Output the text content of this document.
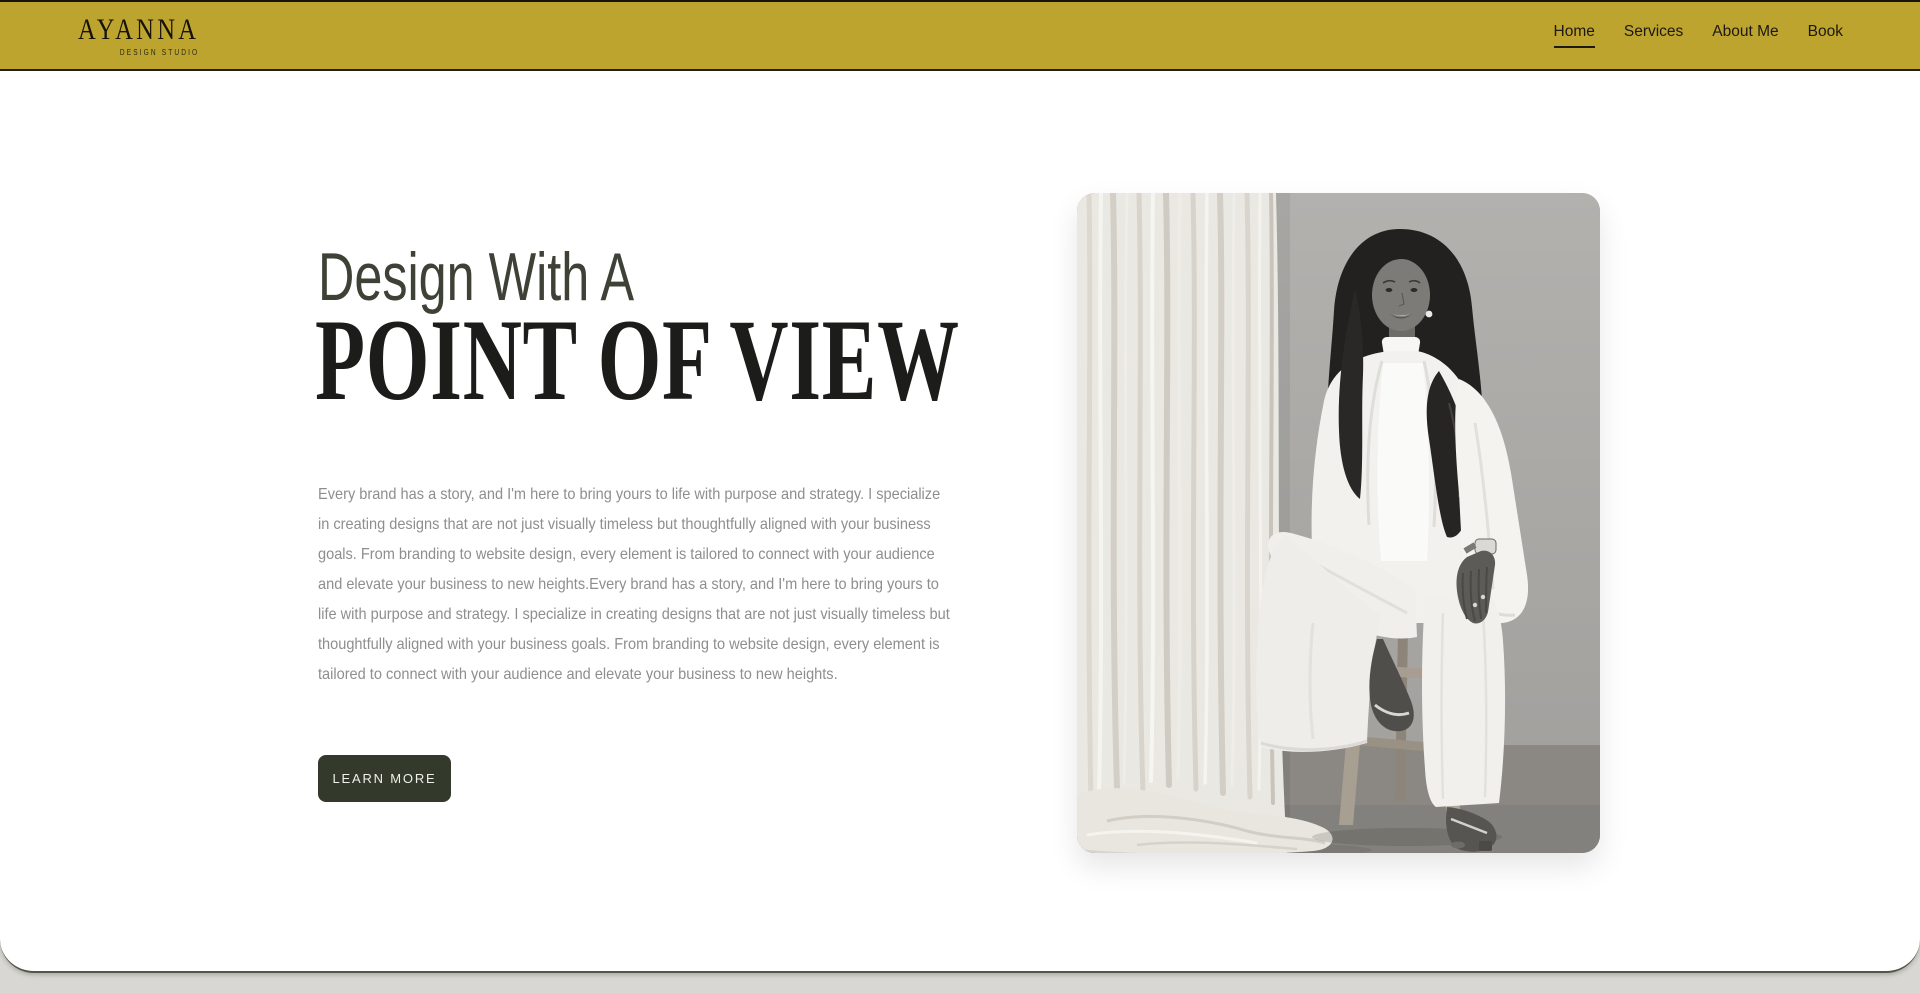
AYANNA
DESIGN STUDIO
Home Services About Me Book
Design With A
POINT OF VIEW

Every brand has a story, and I'm here to bring yours to life with purpose and strategy. I specialize in creating designs that are not just visually timeless but thoughtfully aligned with your business goals. From branding to website design, every element is tailored to connect with your audience and elevate your business to new heights.Every brand has a story, and I'm here to bring yours to life with purpose and strategy. I specialize in creating designs that are not just visually timeless but thoughtfully aligned with your business goals. From branding to website design, every element is tailored to connect with your audience and elevate your business to new heights.

LEARN MORE
